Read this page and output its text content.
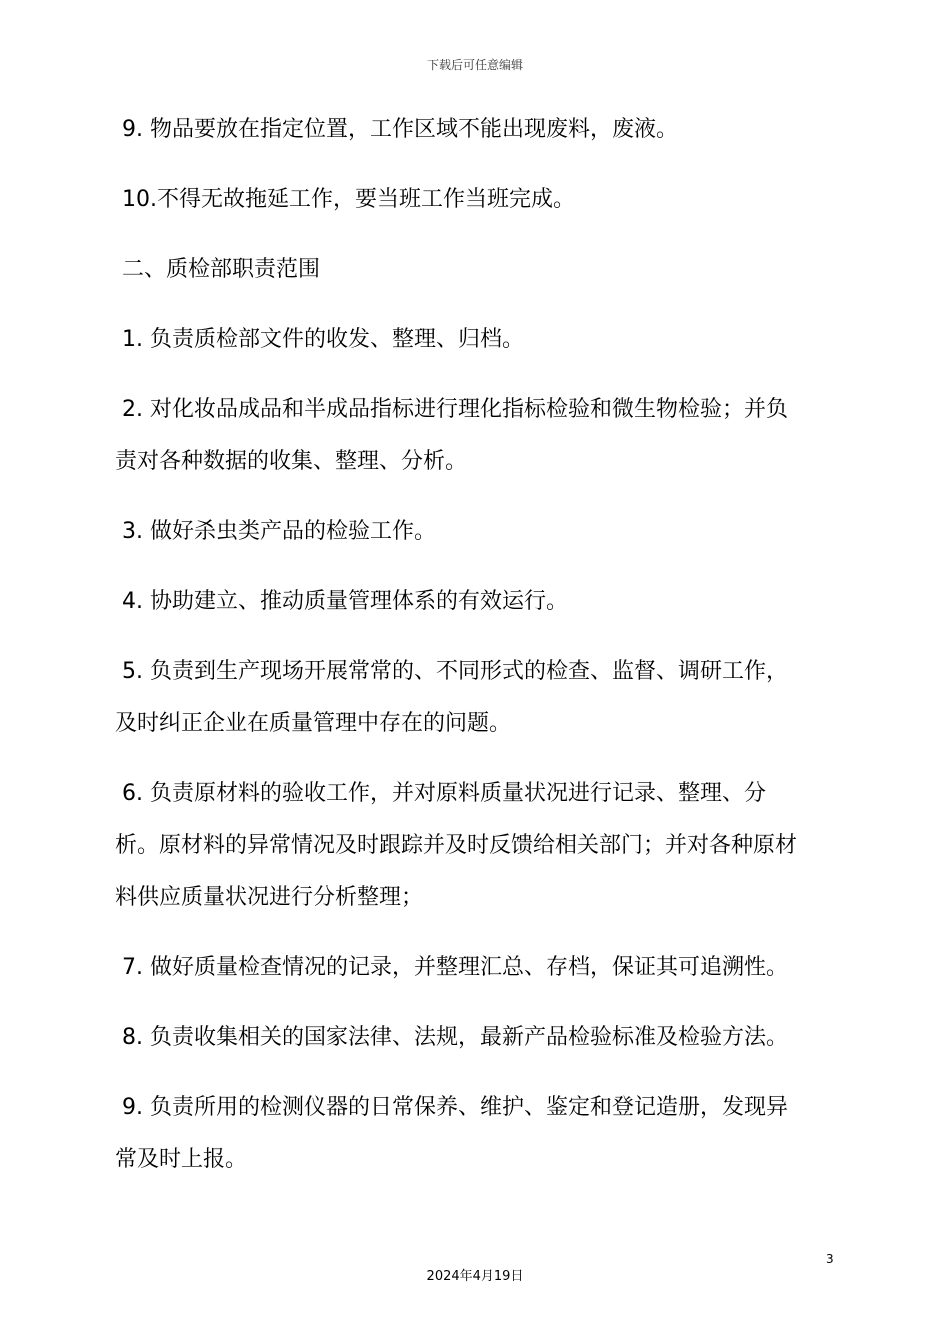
下载后可任意编辑

9. 物品要放在指定位置，工作区域不能出现废料，废液。

10.不得无故拖延工作，要当班工作当班完成。

二、质检部职责范围

1. 负责质检部文件的收发、整理、归档。

2. 对化妆品成品和半成品指标进行理化指标检验和微生物检验；并负
责对各种数据的收集、整理、分析。

3. 做好杀虫类产品的检验工作。

4. 协助建立、推动质量管理体系的有效运行。

5. 负责到生产现场开展常常的、不同形式的检查、监督、调研工作，
及时纠正企业在质量管理中存在的问题。

6. 负责原材料的验收工作，并对原料质量状况进行记录、整理、分
析。原材料的异常情况及时跟踪并及时反馈给相关部门；并对各种原材
料供应质量状况进行分析整理；

7. 做好质量检查情况的记录，并整理汇总、存档，保证其可追溯性。

8. 负责收集相关的国家法律、法规，最新产品检验标准及检验方法。

9. 负责所用的检测仪器的日常保养、维护、鉴定和登记造册，发现异
常及时上报。

3
2024年4月19日
